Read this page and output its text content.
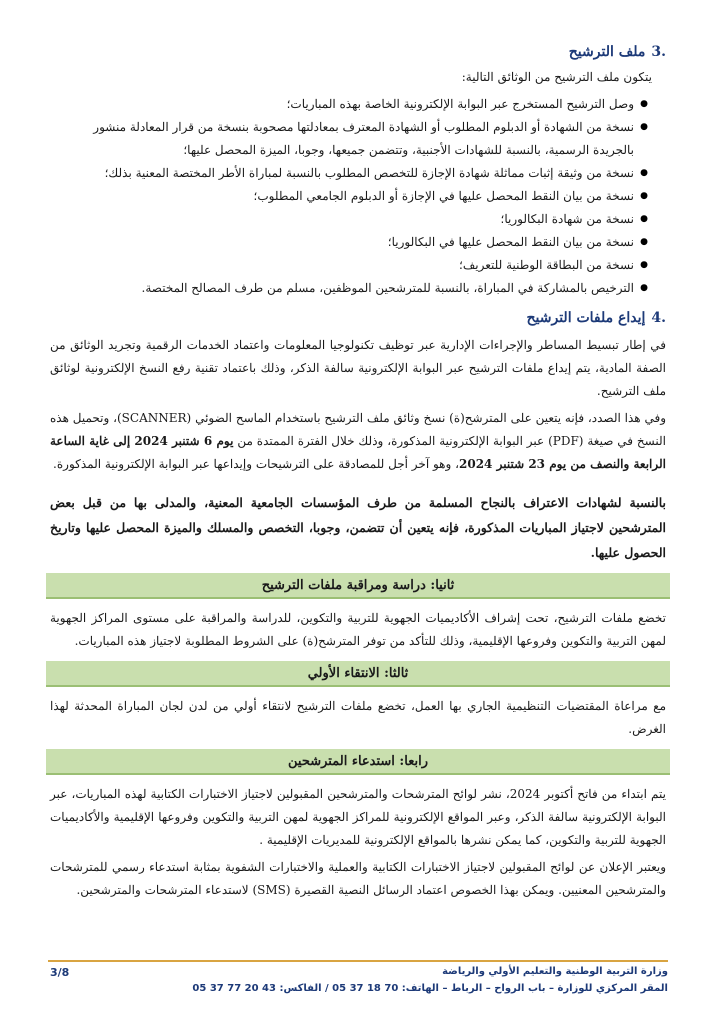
3.
ملف الترشيح
يتكون ملف الترشيح من الوثائق التالية:
● وصل الترشيح المستخرج عبر البوابة الإلكترونية الخاصة بهذه المباريات؛
● نسخة من الشهادة أو الدبلوم المطلوب أو الشهادة المعترف بمعادلتها مصحوبة بنسخة من قرار المعادلة منشور بالجريدة الرسمية، بالنسبة للشهادات الأجنبية، وتتضمن جميعها، وجوبا، الميزة المحصل عليها؛
● نسخة من وثيقة إثبات مماثلة شهادة الإجازة للتخصص المطلوب بالنسبة لمباراة الأطر المختصة المعنية بذلك؛
● نسخة من بيان النقط المحصل عليها في الإجازة أو الدبلوم الجامعي المطلوب؛
● نسخة من شهادة البكالوريا؛
● نسخة من بيان النقط المحصل عليها في البكالوريا؛
● نسخة من البطاقة الوطنية للتعريف؛
● الترخيص بالمشاركة في المباراة، بالنسبة للمترشحين الموظفين، مسلم من طرف المصالح المختصة.
4.
إيداع ملفات الترشيح

في إطار تبسيط المساطر والإجراءات الإدارية عبر توظيف تكنولوجيا المعلومات واعتماد الخدمات الرقمية وتجريد الوثائق من الصفة المادية، يتم إيداع ملفات الترشيح عبر البوابة الإلكترونية سالفة الذكر، وذلك باعتماد تقنية رفع النسخ الإلكترونية لوثائق ملف الترشيح.

وفي هذا الصدد، فإنه يتعين على المترشح(ة) نسخ وثائق ملف الترشيح باستخدام الماسح الضوئي (SCANNER)، وتحميل هذه النسخ في صيغة (PDF) عبر البوابة الإلكترونية المذكورة، وذلك خلال الفترة الممتدة من يوم 6 شتنبر 2024 إلى غاية الساعة الرابعة والنصف من يوم 23 شتنبر 2024، وهو آخر أجل للمصادقة على الترشيحات وإيداعها عبر البوابة الإلكترونية المذكورة.

بالنسبة لشهادات الاعتراف بالنجاح المسلمة من طرف المؤسسات الجامعية المعنية، والمدلى بها من قبل بعض المترشحين لاجتياز المباريات المذكورة، فإنه يتعين أن تتضمن، وجوبا، التخصص والمسلك والميزة المحصل عليها وتاريخ الحصول عليها.

ثانيا: دراسة ومراقبة ملفات الترشيح

تخضع ملفات الترشيح، تحت إشراف الأكاديميات الجهوية للتربية والتكوين، للدراسة والمراقبة على مستوى المراكز الجهوية لمهن التربية والتكوين وفروعها الإقليمية، وذلك للتأكد من توفر المترشح(ة) على الشروط المطلوبة لاجتياز هذه المباريات.

ثالثا: الانتقاء الأولي

مع مراعاة المقتضيات التنظيمية الجاري بها العمل، تخضع ملفات الترشيح لانتقاء أولي من لدن لجان المباراة المحدثة لهذا الغرض.

رابعا: استدعاء المترشحين

يتم ابتداء من فاتح أكتوبر 2024، نشر لوائح المترشحات والمترشحين المقبولين لاجتياز الاختبارات الكتابية لهذه المباريات، عبر البوابة الإلكترونية سالفة الذكر، وعبر المواقع الإلكترونية للمراكز الجهوية لمهن التربية والتكوين وفروعها الإقليمية والأكاديميات الجهوية للتربية والتكوين، كما يمكن نشرها بالمواقع الإلكترونية للمديريات الإقليمية .

ويعتبر الإعلان عن لوائح المقبولين لاجتياز الاختبارات الكتابية والعملية والاختبارات الشفوية بمثابة استدعاء رسمي للمترشحات والمترشحين المعنيين. ويمكن بهذا الخصوص اعتماد الرسائل النصية القصيرة (SMS) لاستدعاء المترشحات والمترشحين.

وزارة التربية الوطنية والتعليم الأولي والرياضة
المقر المركزي للوزارة – باب الرواح – الرباط – الهاتف: 70 18 37 05 / الفاكس: 43 20 77 37 05
3/8
